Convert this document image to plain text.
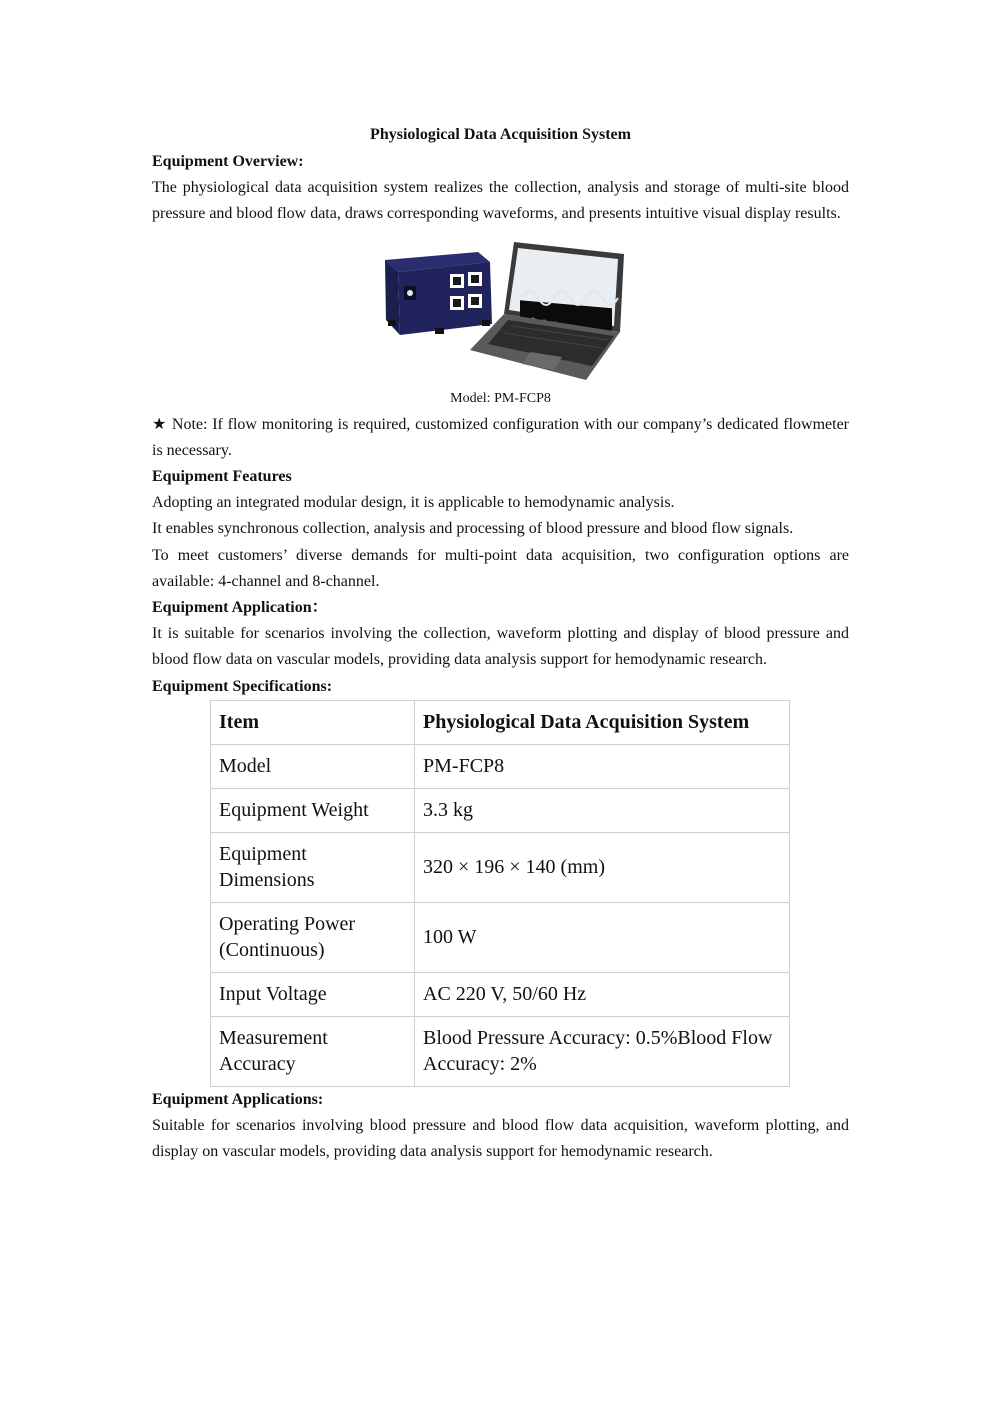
Physiological Data Acquisition System

Equipment Overview:

The physiological data acquisition system realizes the collection, analysis and storage of multi-site blood pressure and blood flow data, draws corresponding waveforms, and presents intuitive visual display results.

Model: PM-FCP8

★ Note: If flow monitoring is required, customized configuration with our company’s dedicated flowmeter is necessary.

Equipment Features

Adopting an integrated modular design, it is applicable to hemodynamic analysis.

It enables synchronous collection, analysis and processing of blood pressure and blood flow signals.

To meet customers’ diverse demands for multi-point data acquisition, two configuration options are available: 4-channel and 8-channel.

Equipment Application：

It is suitable for scenarios involving the collection, waveform plotting and display of blood pressure and blood flow data on vascular models, providing data analysis support for hemodynamic research.

Equipment Specifications:

Item	Physiological Data Acquisition System
Model	PM-FCP8
Equipment Weight	3.3 kg
Equipment Dimensions	320 × 196 × 140 (mm)
Operating Power (Continuous)	100 W
Input Voltage	AC 220 V, 50/60 Hz
Measurement Accuracy	Blood Pressure Accuracy: 0.5%Blood Flow Accuracy: 2%

Equipment Applications:

Suitable for scenarios involving blood pressure and blood flow data acquisition, waveform plotting, and display on vascular models, providing data analysis support for hemodynamic research.
